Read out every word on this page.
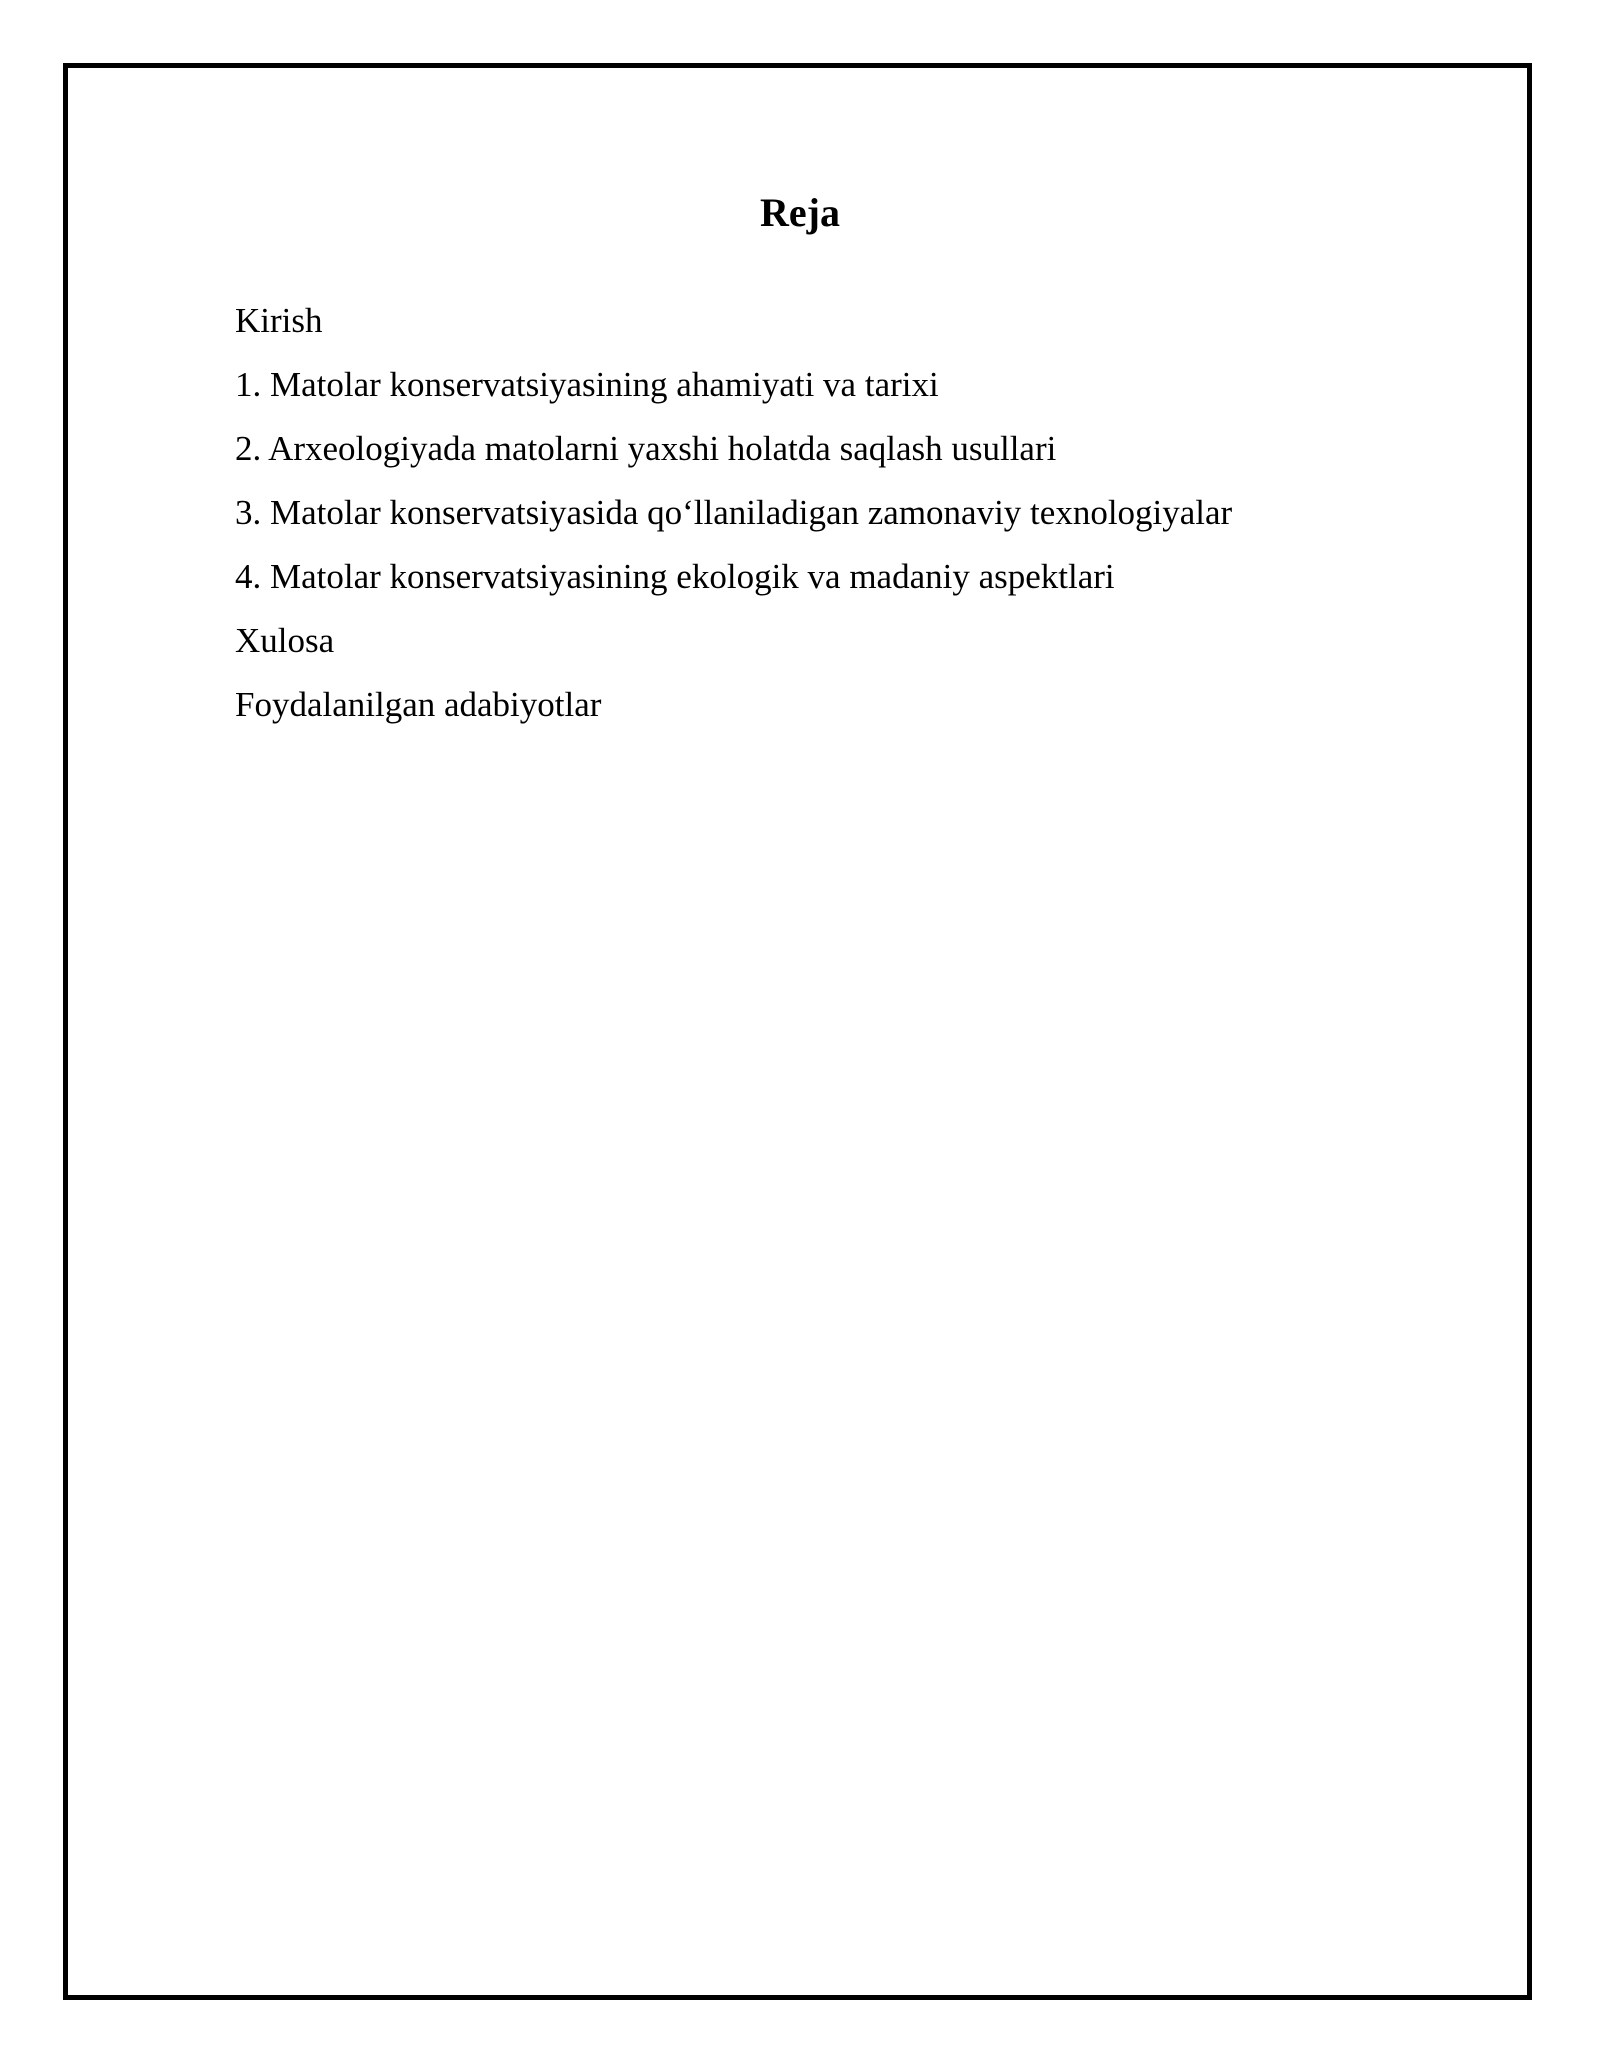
Reja
Kirish
1. Matolar konservatsiyasining ahamiyati va tarixi
2. Arxeologiyada matolarni yaxshi holatda saqlash usullari
3. Matolar konservatsiyasida qo‘llaniladigan zamonaviy texnologiyalar
4. Matolar konservatsiyasining ekologik va madaniy aspektlari
Xulosa
Foydalanilgan adabiyotlar
